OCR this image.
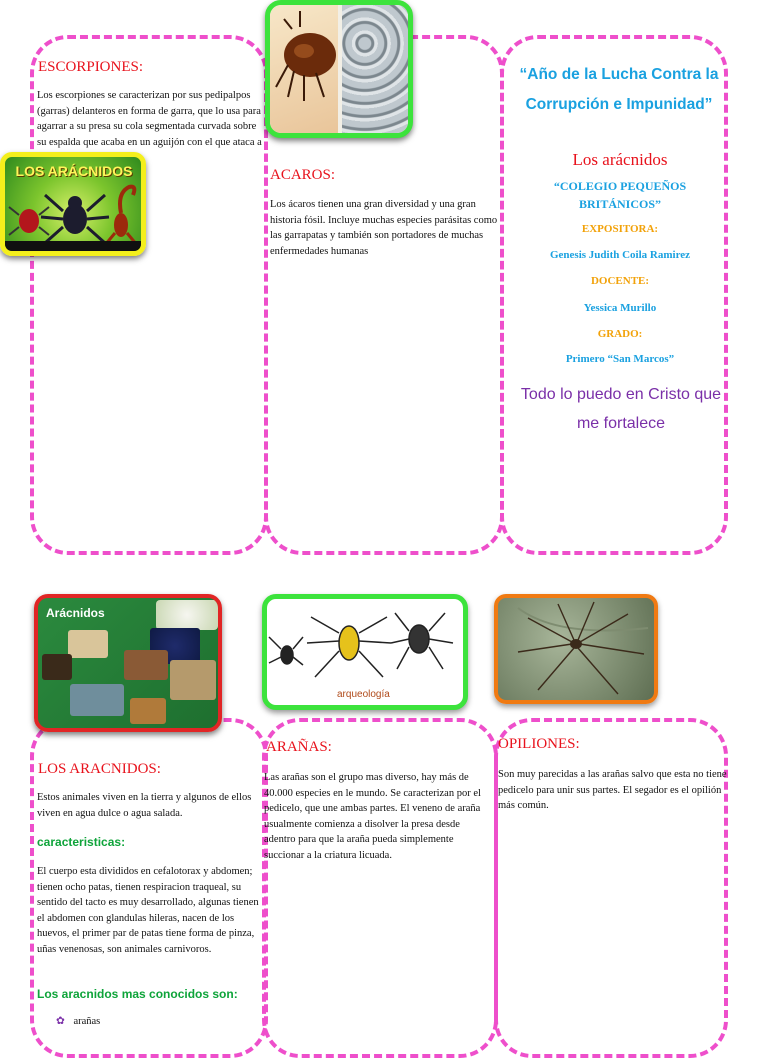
ESCORPIONES:

Los escorpiones se caracterizan por sus pedipalpos (garras) delanteros en forma de garra, que lo usa para agarrar a su presa su cola segmentada curvada sobre su espalda que acaba en un aguijón con el que ataca a

LOS ARÁCNIDOS	ACAROS:

Los ácaros tienen una gran diversidad y una gran historia fósil. Incluye muchas especies parásitas como las garrapatas y también son portadores de muchas enfermedades humanas

“Año de la Lucha Contra la Corrupción e Impunidad”

Los arácnidos

“COLEGIO PEQUEÑOS BRITÁNICOS”

EXPOSITORA:

Genesis Judith Coila Ramirez

DOCENTE:

Yessica Murillo

GRADO:

Primero “San Marcos”

Todo lo puedo en Cristo que me fortalece

Arácnidos
arqueología
LOS ARACNIDOS:

Estos animales viven en la tierra y algunos de ellos viven en agua dulce o agua salada.

caracteristicas:

El cuerpo esta divididos en cefalotorax y abdomen; tienen ocho patas, tienen respiracion traqueal, su sentido del tacto es muy desarrollado, algunas tienen el abdomen con glandulas hileras, nacen de los huevos, el primer par de patas tiene forma de pinza, uñas venenosas, son animales carnivoros.

Los aracnidos mas conocidos son:

✿ arañas
ARAÑAS:

Las arañas son el grupo mas diverso, hay más de 40.000 especies en le mundo. Se caracterizan por el pedicelo, que une ambas partes. El veneno de araña usualmente comienza a disolver la presa desde adentro para que la araña pueda simplemente succionar a la criatura licuada.

OPILIONES:

Son muy parecidas a las arañas salvo que esta no tiene pedicelo para unir sus partes. El segador es el opilión más común.
